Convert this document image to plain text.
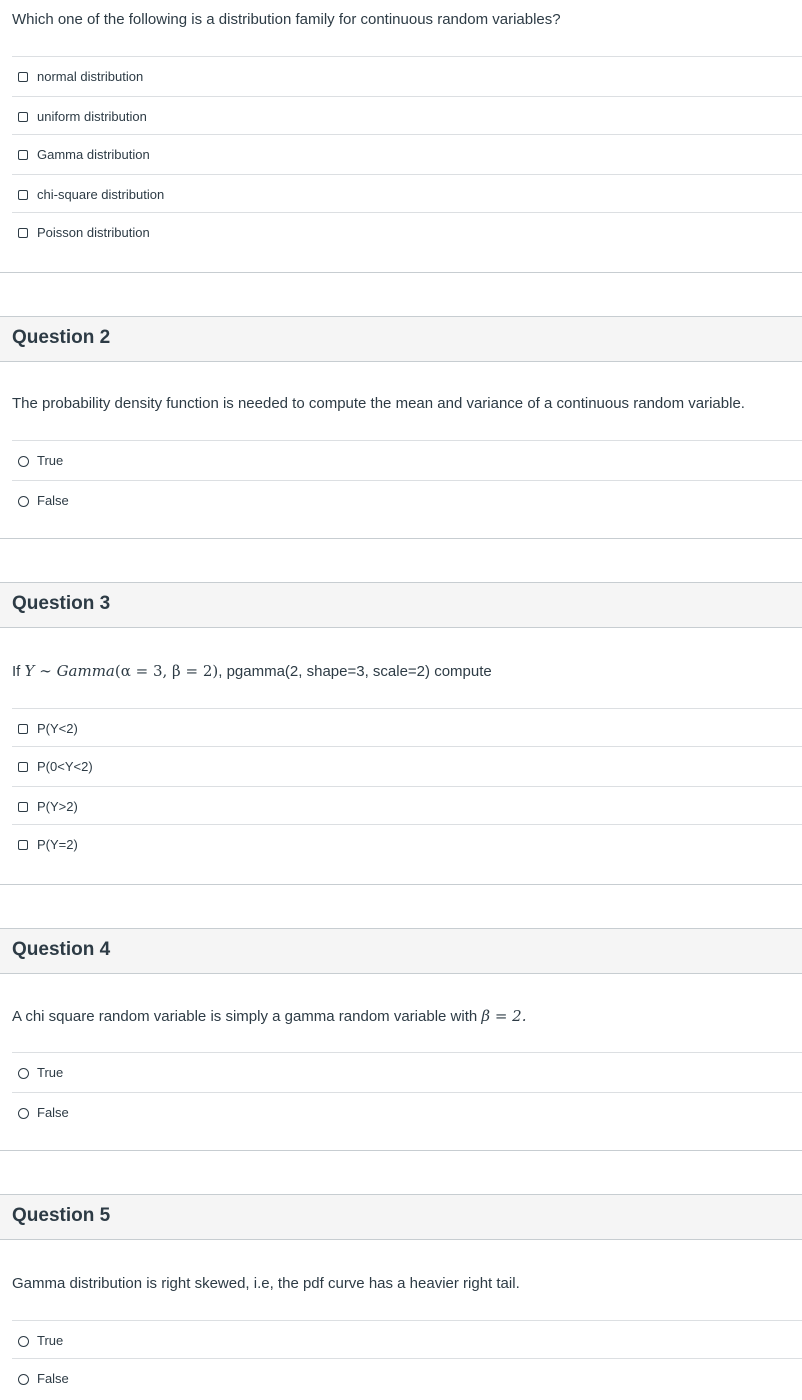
Which one of the following is a distribution family for continuous random variables?
normal distribution
uniform distribution
Gamma distribution
chi-square distribution
Poisson distribution
Question 2
The probability density function is needed to compute the mean and variance of a continuous random variable.
True
False
Question 3
If Y ∼ Gamma(α = 3, β = 2), pgamma(2, shape=3, scale=2) compute
P(Y<2)
P(0<Y<2)
P(Y>2)
P(Y=2)
Question 4
A chi square random variable is simply a gamma random variable with β = 2.
True
False
Question 5
Gamma distribution is right skewed, i.e, the pdf curve has a heavier right tail.
True
False
